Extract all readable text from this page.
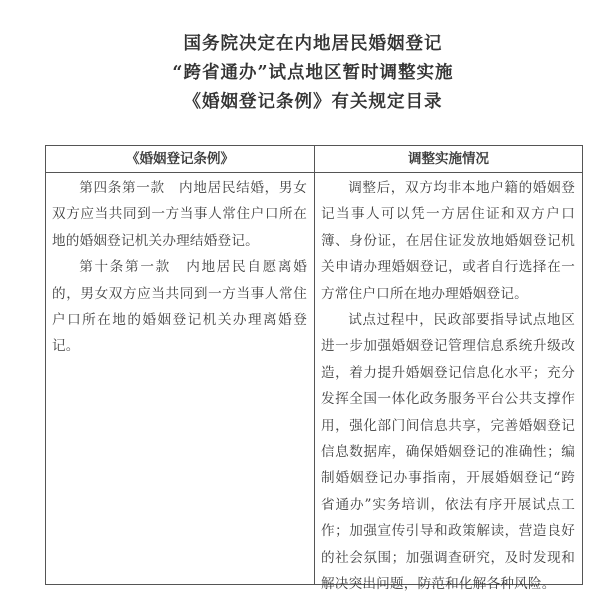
国务院决定在内地居民婚姻登记
“跨省通办”试点地区暂时调整实施
《婚姻登记条例》有关规定目录
《婚姻登记条例》

第四条第一款　内地居民结婚，男女双方应当共同到一方当事人常住户口所在地的婚姻登记机关办理结婚登记。

第十条第一款　内地居民自愿离婚的，男女双方应当共同到一方当事人常住户口所在地的婚姻登记机关办理离婚登记。

调整实施情况

调整后，双方均非本地户籍的婚姻登记当事人可以凭一方居住证和双方户口簿、身份证，在居住证发放地婚姻登记机关申请办理婚姻登记，或者自行选择在一方常住户口所在地办理婚姻登记。

试点过程中，民政部要指导试点地区进一步加强婚姻登记管理信息系统升级改造，着力提升婚姻登记信息化水平；充分发挥全国一体化政务服务平台公共支撑作用，强化部门间信息共享，完善婚姻登记信息数据库，确保婚姻登记的准确性；编制婚姻登记办事指南，开展婚姻登记“跨省通办”实务培训，依法有序开展试点工作；加强宣传引导和政策解读，营造良好的社会氛围；加强调查研究，及时发现和解决突出问题，防范和化解各种风险。
